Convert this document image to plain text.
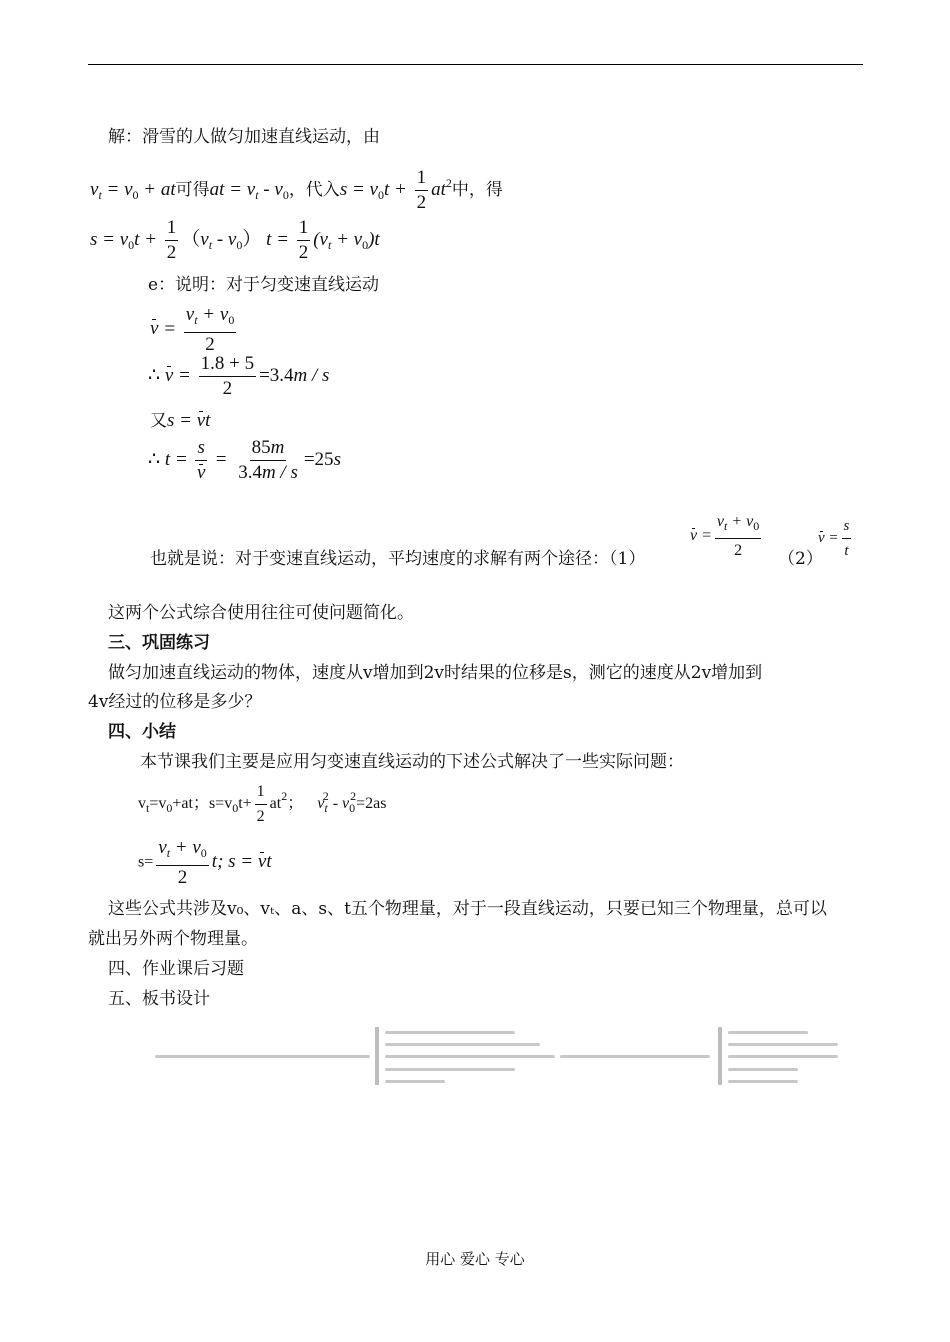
解：滑雪的人做匀加速直线运动，由
$v_t = v_0$ + at可得at = $v_t - v_0$，代入$s = v_0t + \frac{1}{2} at^2$中，得
$s = v_0t + \frac{1}{2} (v_t - v_0) t = \frac{1}{2} (v_t + v_0)t$
e：说明：对于匀变速直线运动
$v = \frac{v_t + v_0}{2}$
∴ $v = \frac{1.8 + 5}{2} =3.4m / s$
又s = vt
∴ $t = \frac{s}{v} = \frac{85m}{3.4m / s} =25s$
也就是说：对于变速直线运动，平均速度的求解有两个途径：（1）
$v = \frac{v_t + v_0}{2} (2)$
$v = \frac{s}{t}$
这两个公式综合使用往往可使问题简化。
三、巩固练习
做匀加速直线运动的物体，速度从v增加到2v时结果的位移是s，测它的速度从2v增加到
4v经过的位移是多少？
四、小结
本节课我们主要是应用匀变速直线运动的下述公式解决了一些实际问题：
$v_t=v_0+at$；$s=v_0t+ \frac{1}{2} at^2$； $v_t^2 - v_0^2=2as$
$s= \frac{v_t + v_0}{2} t$; s = vt
这些公式共涉及v₀、vₜ、a、s、t五个物理量，对于一段直线运动，只要已知三个物理量，总可以
就出另外两个物理量。
四、作业课后习题
五、板书设计
用心 爱心 专心
